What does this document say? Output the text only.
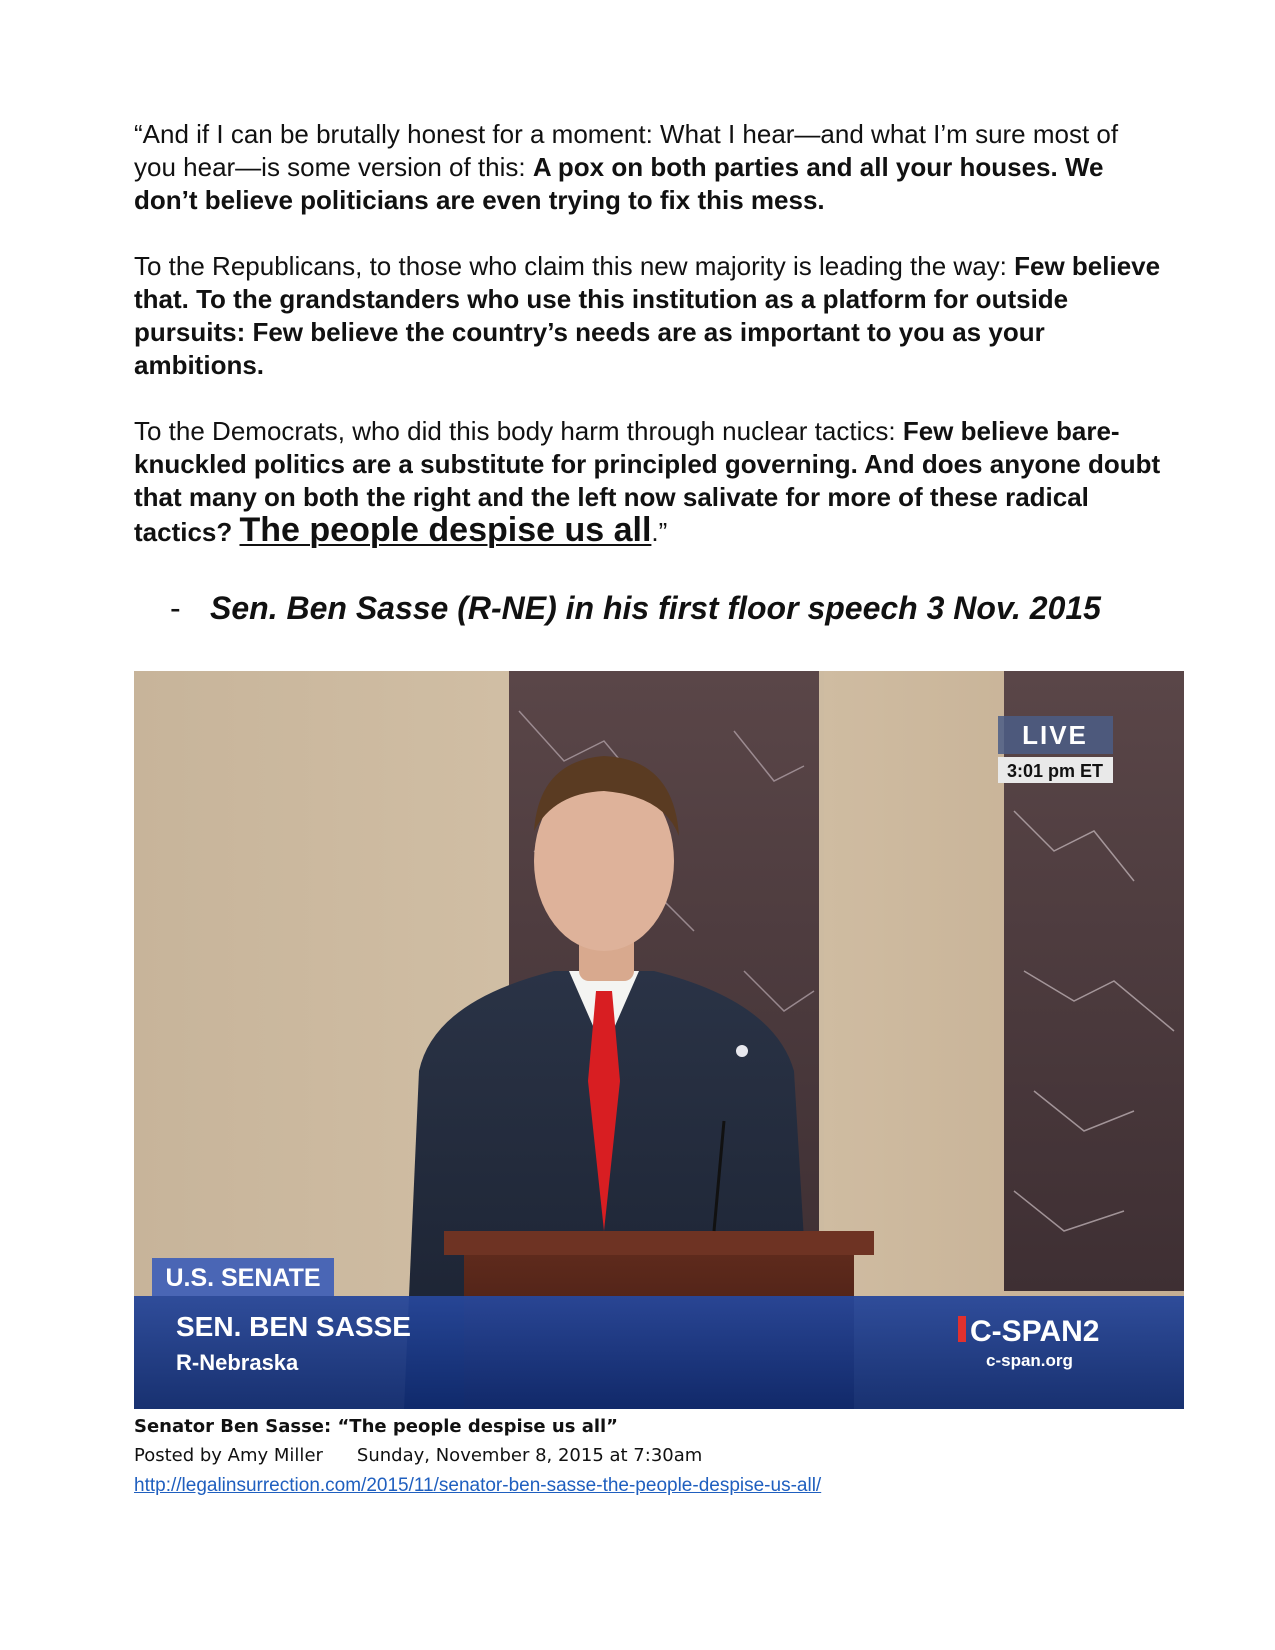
“And if I can be brutally honest for a moment: What I hear—and what I’m sure most of you hear—is some version of this: A pox on both parties and all your houses. We don’t believe politicians are even trying to fix this mess.

To the Republicans, to those who claim this new majority is leading the way: Few believe that. To the grandstanders who use this institution as a platform for outside pursuits: Few believe the country’s needs are as important to you as your ambitions.

To the Democrats, who did this body harm through nuclear tactics: Few believe bare-knuckled politics are a substitute for principled governing. And does anyone doubt that many on both the right and the left now salivate for more of these radical tactics? The people despise us all.”

- Sen. Ben Sasse (R-NE) in his first floor speech 3 Nov. 2015
LIVE
3:01 pm ET
U.S. SENATE
SEN. BEN SASSE
R-Nebraska
C-SPAN2
c-span.org
Senator Ben Sasse: “The people despise us all”
Posted by Amy Miller Sunday, November 8, 2015 at 7:30am
http://legalinsurrection.com/2015/11/senator-ben-sasse-the-people-despise-us-all/
